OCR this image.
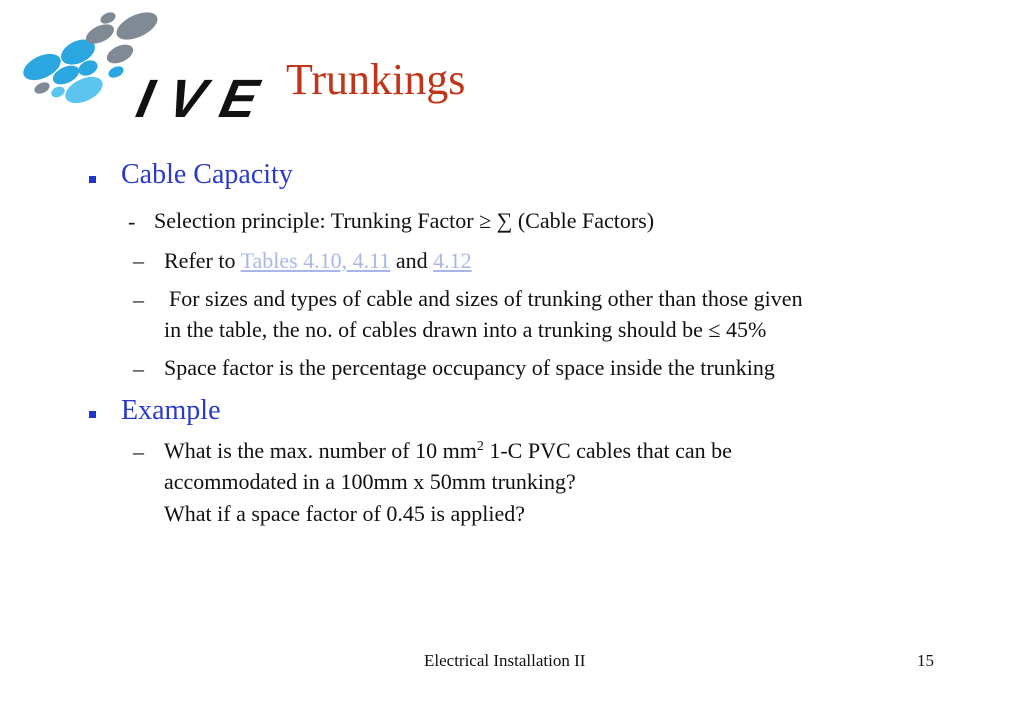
IVE Trunkings
Cable Capacity
- Selection principle: Trunking Factor ≥ ∑ (Cable Factors)
– Refer to Tables 4.10, 4.11 and 4.12
– For sizes and types of cable and sizes of trunking other than those given
in the table, the no. of cables drawn into a trunking should be ≤ 45%
– Space factor is the percentage occupancy of space inside the trunking
Example
– What is the max. number of 10 $mm^2$ 1-C PVC cables that can be
accommodated in a 100mm x 50mm trunking?
What if a space factor of 0.45 is applied?
Electrical Installation II	15
